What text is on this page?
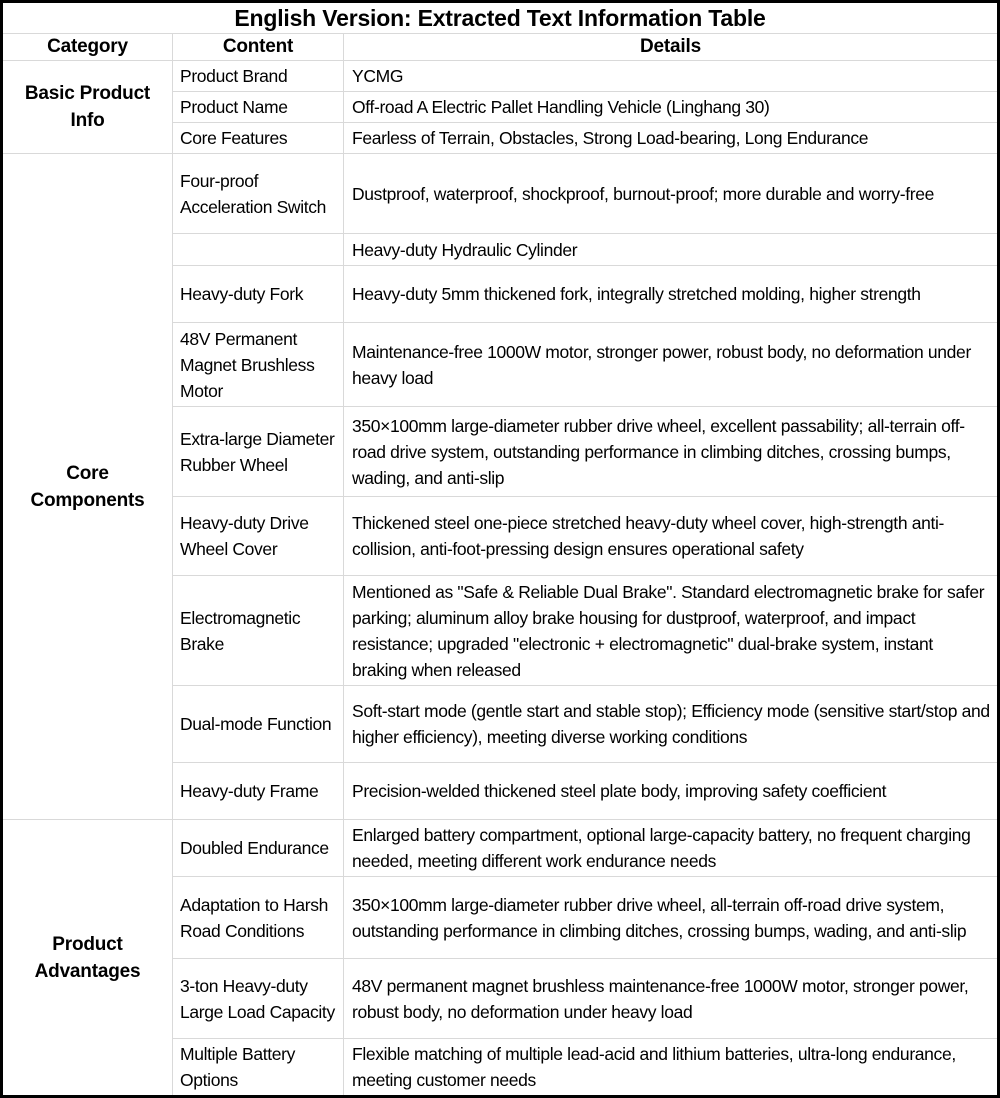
English Version: Extracted Text Information Table		
Category	Content	Details
Basic Product Info	Product Brand	YCMG
	Product Name	Off-road A Electric Pallet Handling Vehicle (Linghang 30)
	Core Features	Fearless of Terrain, Obstacles, Strong Load-bearing, Long Endurance
Core Components	Four-proof Acceleration Switch	Dustproof, waterproof, shockproof, burnout-proof; more durable and worry-free
		Heavy-duty Hydraulic Cylinder
	Heavy-duty Fork	Heavy-duty 5mm thickened fork, integrally stretched molding, higher strength
	48V Permanent Magnet Brushless Motor	Maintenance-free 1000W motor, stronger power, robust body, no deformation under heavy load
	Extra-large Diameter Rubber Wheel	350×100mm large-diameter rubber drive wheel, excellent passability; all-terrain off-road drive system, outstanding performance in climbing ditches, crossing bumps, wading, and anti-slip
	Heavy-duty Drive Wheel Cover	Thickened steel one-piece stretched heavy-duty wheel cover, high-strength anti-collision, anti-foot-pressing design ensures operational safety
	Electromagnetic Brake	Mentioned as "Safe & Reliable Dual Brake". Standard electromagnetic brake for safer parking; aluminum alloy brake housing for dustproof, waterproof, and impact resistance; upgraded "electronic + electromagnetic" dual-brake system, instant braking when released
	Dual-mode Function	Soft-start mode (gentle start and stable stop); Efficiency mode (sensitive start/stop and higher efficiency), meeting diverse working conditions
	Heavy-duty Frame	Precision-welded thickened steel plate body, improving safety coefficient
Product Advantages	Doubled Endurance	Enlarged battery compartment, optional large-capacity battery, no frequent charging needed, meeting different work endurance needs
	Adaptation to Harsh Road Conditions	350×100mm large-diameter rubber drive wheel, all-terrain off-road drive system, outstanding performance in climbing ditches, crossing bumps, wading, and anti-slip
	3-ton Heavy-duty Large Load Capacity	48V permanent magnet brushless maintenance-free 1000W motor, stronger power, robust body, no deformation under heavy load
	Multiple Battery Options	Flexible matching of multiple lead-acid and lithium batteries, ultra-long endurance, meeting customer needs
